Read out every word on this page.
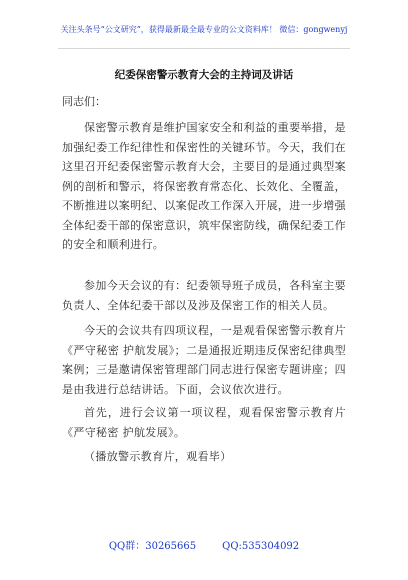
关注头条号“公文研究”，获得最新最全最专业的公文资料库！ 微信：gongwenyj
纪委保密警示教育大会的主持词及讲话
同志们：

保密警示教育是维护国家安全和利益的重要举措，是加强纪委工作纪律性和保密性的关键环节。今天，我们在这里召开纪委保密警示教育大会，主要目的是通过典型案例的剖析和警示，将保密教育常态化、长效化、全覆盖，不断推进以案明纪、以案促改工作深入开展，进一步增强全体纪委干部的保密意识，筑牢保密防线，确保纪委工作的安全和顺利进行。

参加今天会议的有：纪委领导班子成员，各科室主要负责人、全体纪委干部以及涉及保密工作的相关人员。

今天的会议共有四项议程，一是观看保密警示教育片《严守秘密 护航发展》；二是通报近期违反保密纪律典型案例；三是邀请保密管理部门同志进行保密专题讲座；四是由我进行总结讲话。下面，会议依次进行。

首先，进行会议第一项议程，观看保密警示教育片《严守秘密 护航发展》。

（播放警示教育片，观看毕）

QQ群：30265665	QQ:535304092
